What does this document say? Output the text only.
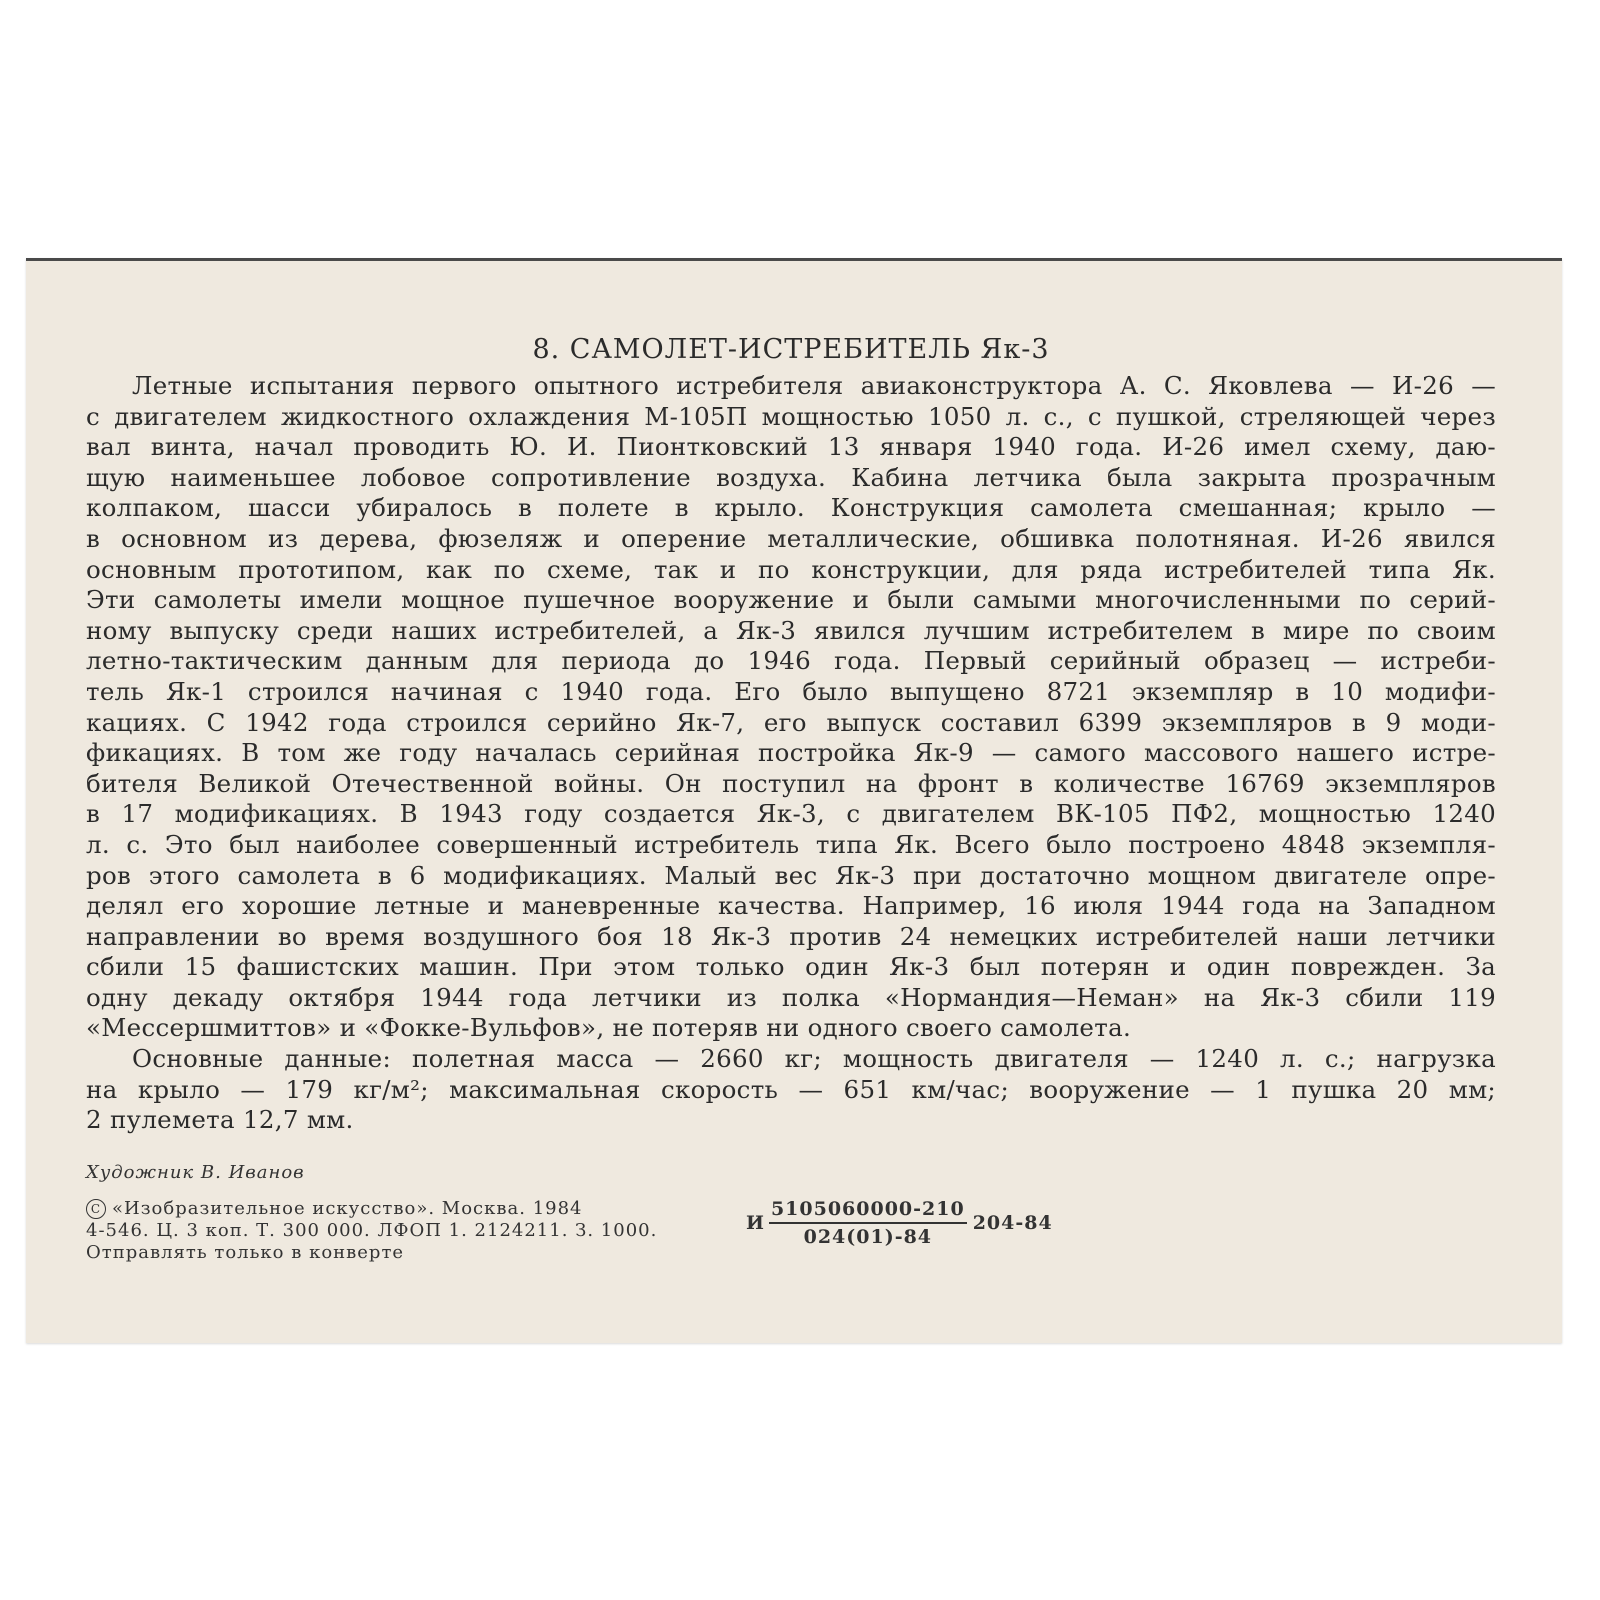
8. САМОЛЕТ-ИСТРЕБИТЕЛЬ Як-3
Летные испытания первого опытного истребителя авиаконструктора А. С. Яковлева — И-26 —
с двигателем жидкостного охлаждения М-105П мощностью 1050 л. с., с пушкой, стреляющей через
вал винта, начал проводить Ю. И. Пионтковский 13 января 1940 года. И-26 имел схему, даю-
щую наименьшее лобовое сопротивление воздуха. Кабина летчика была закрыта прозрачным
колпаком, шасси убиралось в полете в крыло. Конструкция самолета смешанная; крыло —
в основном из дерева, фюзеляж и оперение металлические, обшивка полотняная. И-26 явился
основным прототипом, как по схеме, так и по конструкции, для ряда истребителей типа Як.
Эти самолеты имели мощное пушечное вооружение и были самыми многочисленными по серий-
ному выпуску среди наших истребителей, а Як-3 явился лучшим истребителем в мире по своим
летно-тактическим данным для периода до 1946 года. Первый серийный образец — истреби-
тель Як-1 строился начиная с 1940 года. Его было выпущено 8721 экземпляр в 10 модифи-
кациях. С 1942 года строился серийно Як-7, его выпуск составил 6399 экземпляров в 9 моди-
фикациях. В том же году началась серийная постройка Як-9 — самого массового нашего истре-
бителя Великой Отечественной войны. Он поступил на фронт в количестве 16769 экземпляров
в 17 модификациях. В 1943 году создается Як-3, с двигателем ВК-105 ПФ2, мощностью 1240
л. с. Это был наиболее совершенный истребитель типа Як. Всего было построено 4848 экземпля-
ров этого самолета в 6 модификациях. Малый вес Як-3 при достаточно мощном двигателе опре-
делял его хорошие летные и маневренные качества. Например, 16 июля 1944 года на Западном
направлении во время воздушного боя 18 Як-3 против 24 немецких истребителей наши летчики
сбили 15 фашистских машин. При этом только один Як-3 был потерян и один поврежден. За
одну декаду октября 1944 года летчики из полка «Нормандия—Неман» на Як-3 сбили 119
«Мессершмиттов» и «Фокке-Вульфов», не потеряв ни одного своего самолета.
Основные данные: полетная масса — 2660 кг; мощность двигателя — 1240 л. с.; нагрузка
на крыло — 179 кг/м²; максимальная скорость — 651 км/час; вооружение — 1 пушка 20 мм;
2 пулемета 12,7 мм.
Художник В. Иванов
C «Изобразительное искусство». Москва. 1984
4-546. Ц. 3 коп. Т. 300 000. ЛФОП 1. 2124211. З. 1000.
Отправлять только в конверте
И $\frac{5105060000-210}{024(01)-84} 204-84$
